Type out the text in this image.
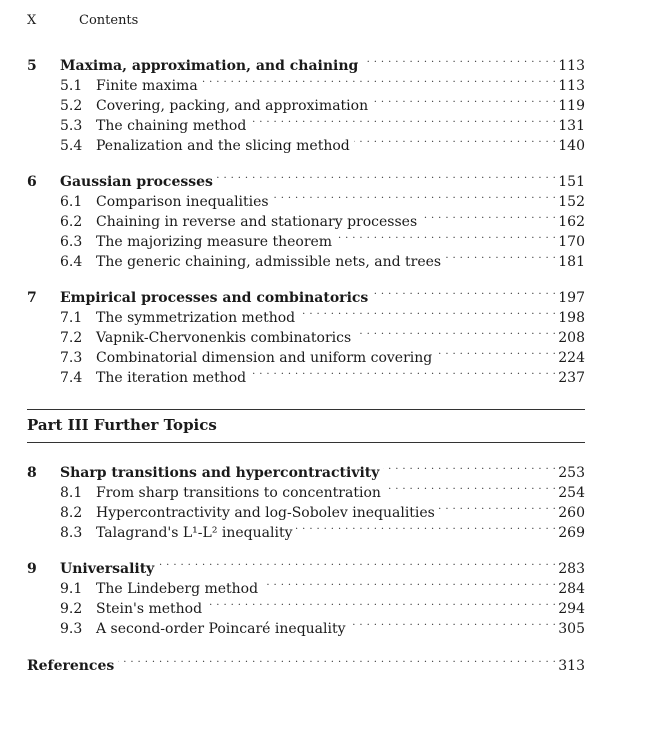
X	Contents
5	Maxima, approximation, and chaining . . .	113
5.1 Finite maxima . . .	113
5.2 Covering, packing, and approximation . . .	119
5.3 The chaining method . . .	131
5.4 Penalization and the slicing method . . .	140
6	Gaussian processes . . .	151
6.1 Comparison inequalities . . .	152
6.2 Chaining in reverse and stationary processes . . .	162
6.3 The majorizing measure theorem . . .	170
6.4 The generic chaining, admissible nets, and trees . . .	181
7	Empirical processes and combinatorics . . .	197
7.1 The symmetrization method . . .	198
7.2 Vapnik-Chervonenkis combinatorics . . .	208
7.3 Combinatorial dimension and uniform covering . . .	224
7.4 The iteration method . . .	237
Part III Further Topics
8	Sharp transitions and hypercontractivity . . .	253
8.1 From sharp transitions to concentration . . .	254
8.2 Hypercontractivity and log-Sobolev inequalities . . .	260
8.3 Talagrand's L¹-L² inequality . . .	269
9	Universality . . .	283
9.1 The Lindeberg method . . .	284
9.2 Stein's method . . .	294
9.3 A second-order Poincaré inequality . . .	305
References . . .	313
